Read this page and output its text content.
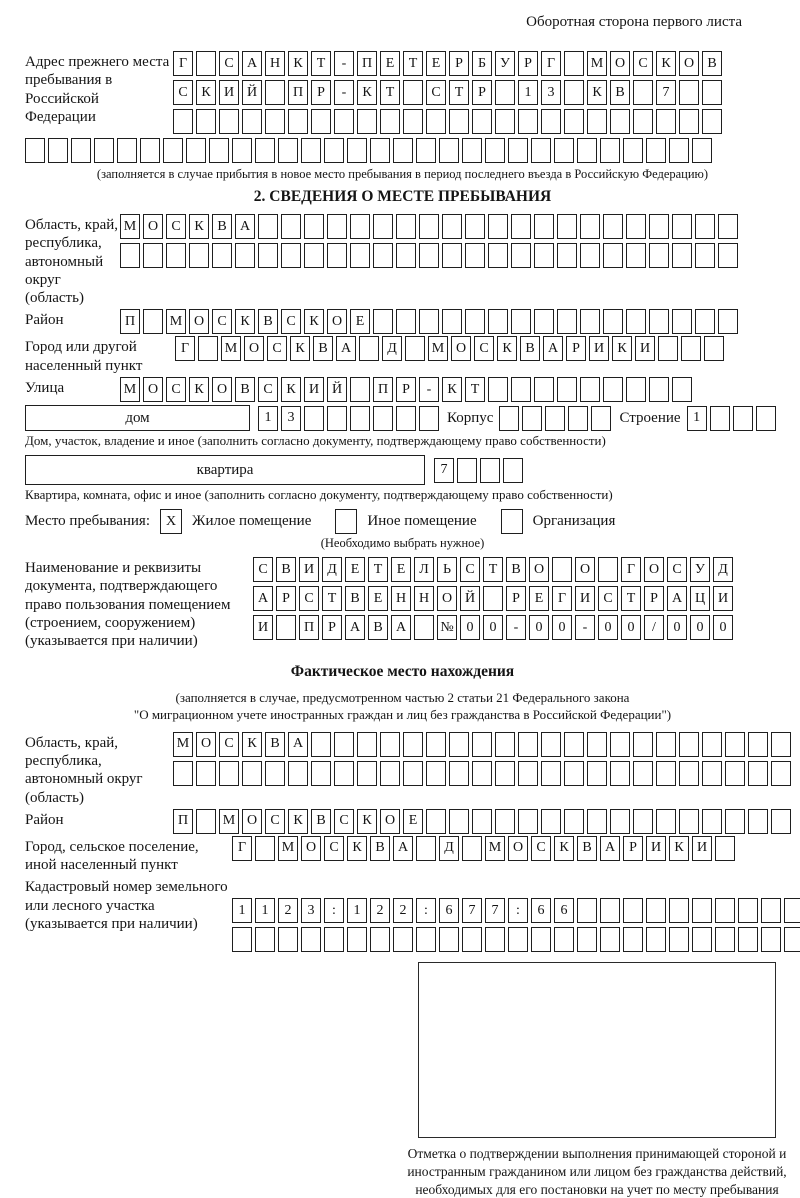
Оборотная сторона первого листа
Адрес прежнего места пребывания в Российской Федерации
Г	С А Н К	Т	-	П Е	Т	Е	Р	Б	У	Р	Г	М О С К О В
С К И Й	П	Р	-	К	Т	С	Т	Р	1	3	К В	7
(заполняется в случае прибытия в новое место пребывания в период последнего въезда в Российскую Федерацию)
2. СВЕДЕНИЯ О МЕСТЕ ПРЕБЫВАНИЯ
Область, край, республика, автономный округ (область)
М О С К В А
Район	П	М О С К В С К О Е
Город или другой населенный пункт
Г	М О С К В А	Д	М О С К В А	Р	И К И
Улица	М О С К О В С К И Й	П	Р	-	К	Т
дом	1	3	Корпус	Строение 1
Дом, участок, владение и иное (заполнить согласно документу, подтверждающему право собственности)
квартира	7
Квартира, комната, офис и иное (заполнить согласно документу, подтверждающему право собственности)
Место пребывания:	X	Жилое помещение	Иное помещение	Организация
(Необходимо выбрать нужное)
Наименование и реквизиты документа, подтверждающего право пользования помещением (строением, сооружением) (указывается при наличии)
С В И Д Е	Т	Е Л	Ь	С	Т	В О	О	Г О С У Д
А	Р	С	Т	В	Е Н Н О Й	Р	Е	Г И С	Т	Р	А Ц И
И	П	Р	А В А	№ 0	0	-	0	0	-	0	0	/	0	0	0
Фактическое место нахождения
(заполняется в случае, предусмотренном частью 2 статьи 21 Федерального закона
"О миграционном учете иностранных граждан и лиц без гражданства в Российской Федерации")
Область, край, республика, автономный округ (область)
М О С К В А
Район	П	М О С К В С К О Е
Город, сельское поселение, иной населенный пункт
Г	М О С К В А	Д	М О С К В А	Р	И К И
Кадастровый номер земельного или лесного участка (указывается при наличии)
1	1	2	3	:	1	2	2	:	6	7	7	:	6	6
Отметка о подтверждении выполнения принимающей стороной и иностранным гражданином или лицом без гражданства действий, необходимых для его постановки на учет по месту пребывания
